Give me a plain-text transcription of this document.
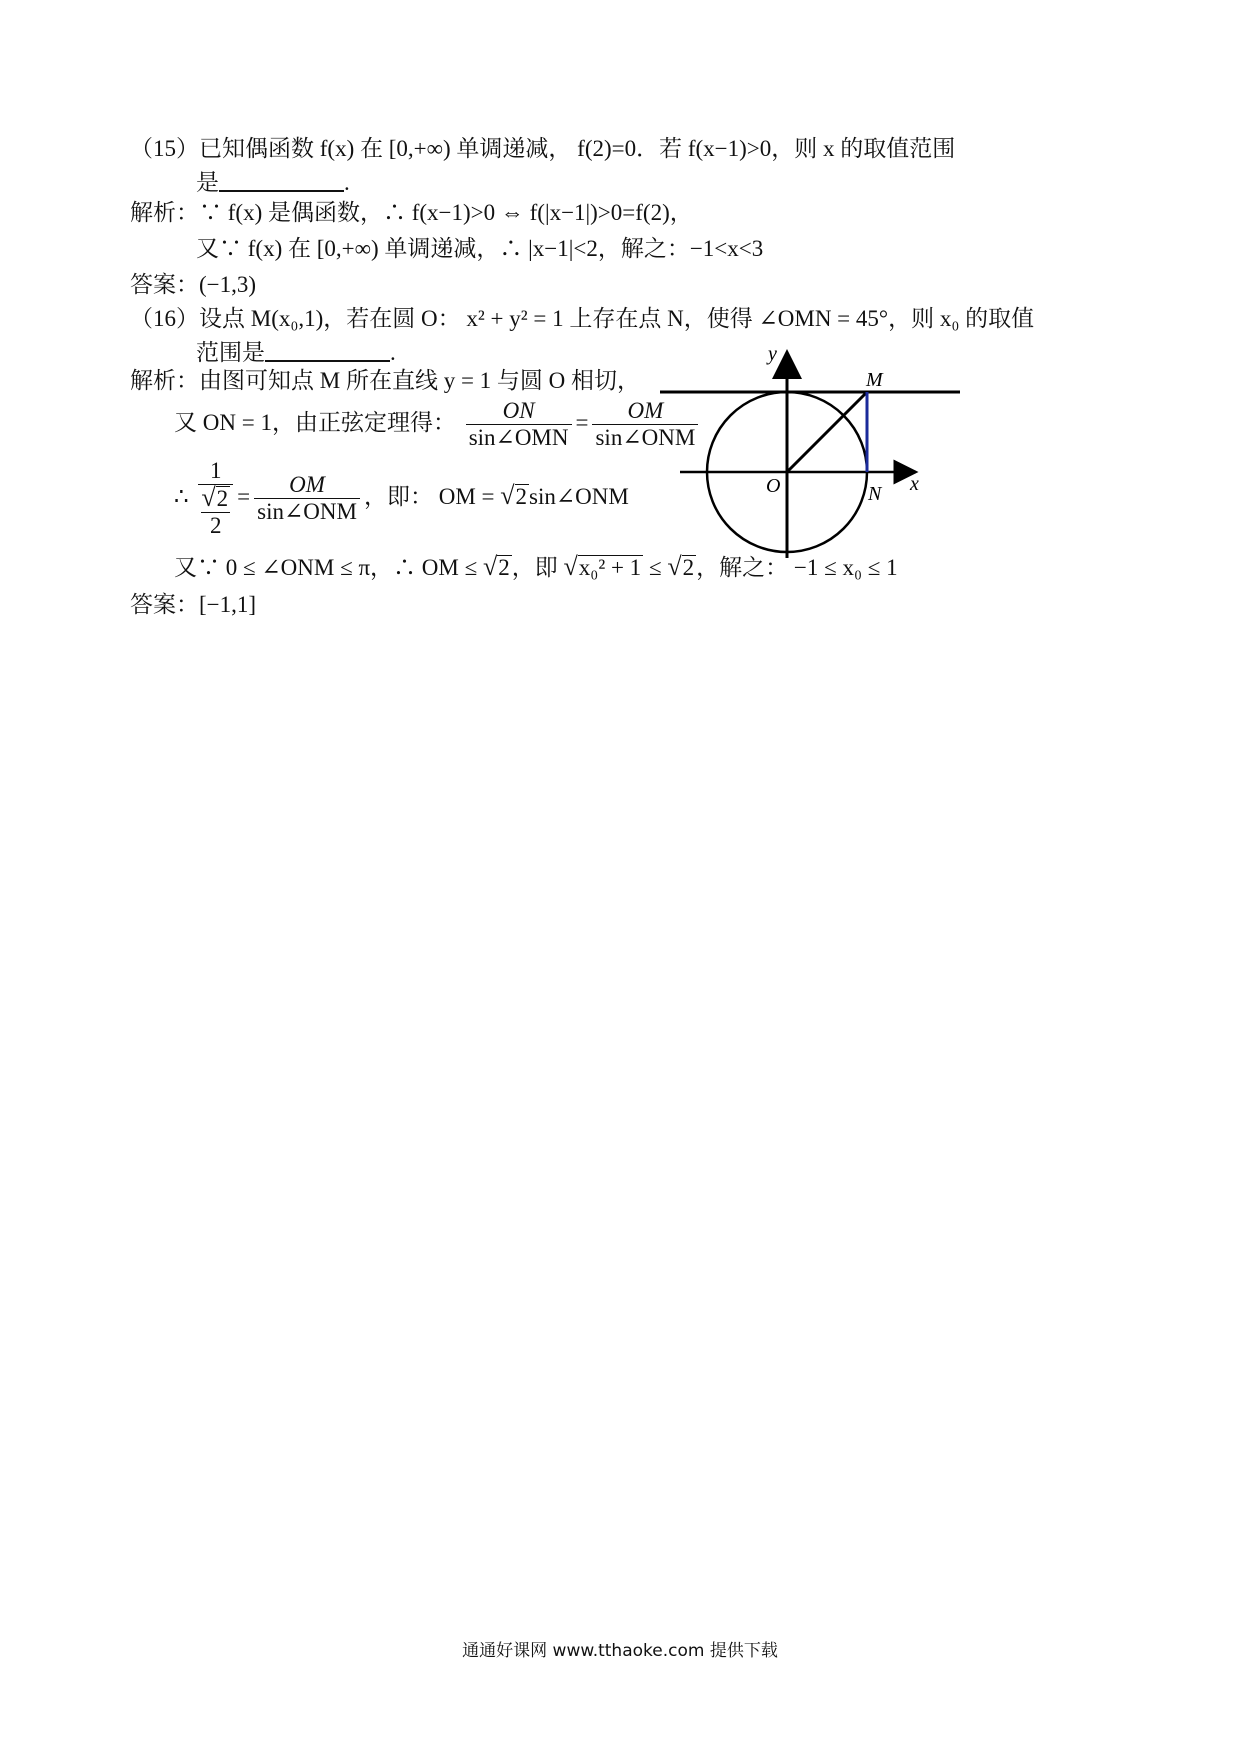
（15）已知偶函数 f(x) 在 [0,+∞) 单调递减， f(2)=0．若 f(x−1)>0，则 x 的取值范围
是	.
解析：∵ f(x) 是偶函数，∴ f(x−1)>0 ⇔ f(|x−1|)>0=f(2)，
又∵ f(x) 在 [0,+∞) 单调递减，∴ |x−1|<2，解之：−1<x<3
答案：(−1,3)
（16）设点 M(x₀,1)，若在圆 O： x² + y² = 1 上存在点 N，使得 ∠OMN = 45°，则 x₀ 的取值
范围是	.
解析：由图可知点 M 所在直线 y = 1 与圆 O 相切，
又 ON = 1，由正弦定理得： $\frac{ON}{\text{sin∠OMN}} = \frac{OM}{\text{sin∠ONM}}$
∴ 1
√2
$2 = \frac{OM}{\text{sin∠ONM}}$ ，即： OM = √2sin∠ONM
又∵ 0 ≤ ∠ONM ≤ π，∴ OM ≤ √2，即 √x₀² + 1 ≤ √2，解之： −1 ≤ x₀ ≤ 1
答案：[−1,1]
y
x
M
O	N
通通好课网 www.tthaoke.com 提供下载
